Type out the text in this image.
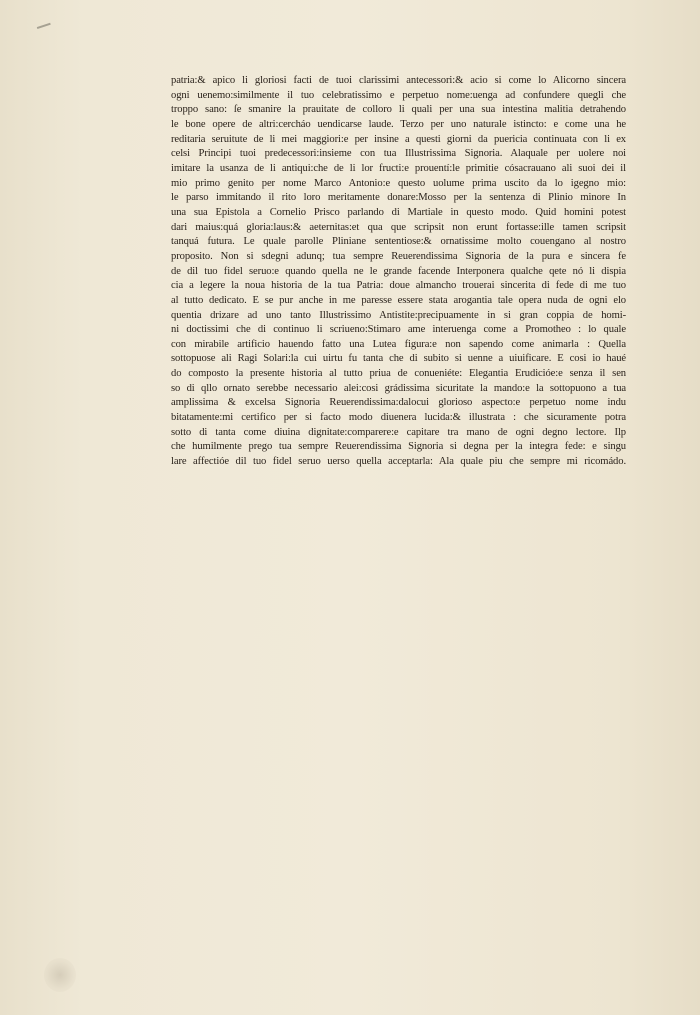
patria:& apico li gloriosi facti de tuoi clarissimi antecessori:& acio si come lo Alicorno sincera
ogni uenemo:similmente il tuo celebratissimo e perpetuo nome:uenga ad confundere quegli che
troppo sano: ſe smanire la prauitate de colloro li quali per una sua intestina malitia detrahendo
le bone opere de altri:cercháo uendicarse laude. Terzo per uno naturale istincto: e come una he
reditaria seruitute de li mei maggiori:e per insine a questi giorni da puericia continuata con li ex
celsi Principi tuoi predecessori:insieme con tua Illustrissima Signoria. Alaquale per uolere noi
imitare la usanza de li antiqui:che de li lor fructi:e prouentí:le primitie cósacrauano ali suoi dei il
mio primo genito per nome Marco Antonio:e questo uolume prima uscito da lo igegno mio:
le parso immitando il rito loro meritamente donare:Mosso per la sentenza di Plinio minore In
una sua Epistola a Cornelio Prisco parlando di Martiale in questo modo. Quid homini potest
dari maius:quá gloria:laus:& aeternitas:et qua que scripsit non erunt fortasse:ille tamen scripsit
tanquá futura. Le quale parolle Pliniane sententiose:& ornatissime molto couengano al nostro
proposito. Non si sdegni adunq; tua sempre Reuerendissima Signoria de la pura e sincera fe
de dil tuo fidel seruo:e quando quella ne le grande facende Interponera qualche qete nó li dispia
cia a legere la noua historia de la tua Patria: doue almancho trouerai sincerita di fede di me tuo
al tutto dedicato. E se pur anche in me paresse essere stata arogantia tale opera nuda de ogni elo
quentia drizare ad uno tanto Illustrissimo Antistite:precipuamente in si gran coppia de homi-
ni doctissimi che di continuo li scriueno:Stimaro ame interuenga come a Promotheo : lo quale
con mirabile artificio hauendo fatto una Lutea figura:e non sapendo come animarla : Quella
sottopuose ali Ragi Solari:la cui uirtu fu tanta che di subito si uenne a uiuificare. E cosi io haué
do composto la presente historia al tutto priua de conueniéte: Elegantia Erudicióe:e senza il sen
so di qllo ornato serebbe necessario alei:cosi grádissima sicuritate la mando:e la sottopuono a tua
amplissima & excelsa Signoria Reuerendissima:dalocui glorioso aspecto:e perpetuo nome indu
bitatamente:mi certifico per si facto modo diuenera lucida:& illustrata : che sicuramente potra
sotto di tanta come diuina dignitate:comparere:e capitare tra mano de ogni degno lectore. Ilp
che humilmente prego tua sempre Reuerendissima Signoria si degna per la integra fede: e singu
lare affectióe dil tuo fidel seruo uerso quella acceptarla: Ala quale piu che sempre mi ricomádo.
